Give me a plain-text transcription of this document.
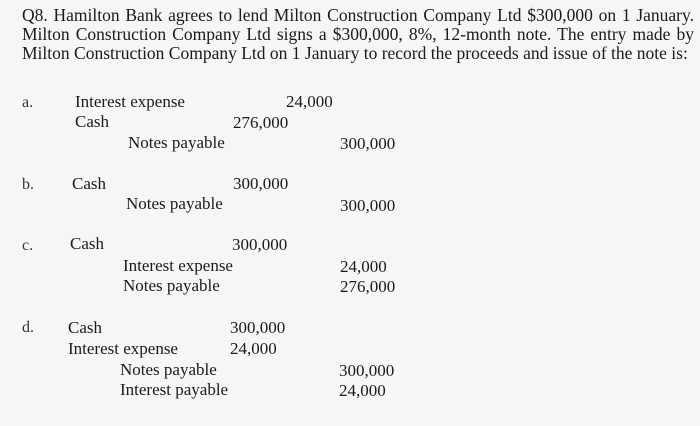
Q8. Hamilton Bank agrees to lend Milton Construction Company Ltd $300,000 on 1 January. Milton Construction Company Ltd signs a $300,000, 8%, 12-month note. The entry made by Milton Construction Company Ltd on 1 January to record the proceeds and issue of the note is:
a. Interest expense	24,000
Cash	276,000
Notes payable	300,000
b. Cash	300,000
Notes payable	300,000
c. Cash	300,000
Interest expense	24,000
Notes payable	276,000
d. Cash	300,000
Interest expense	24,000
Notes payable	300,000
Interest payable	24,000
